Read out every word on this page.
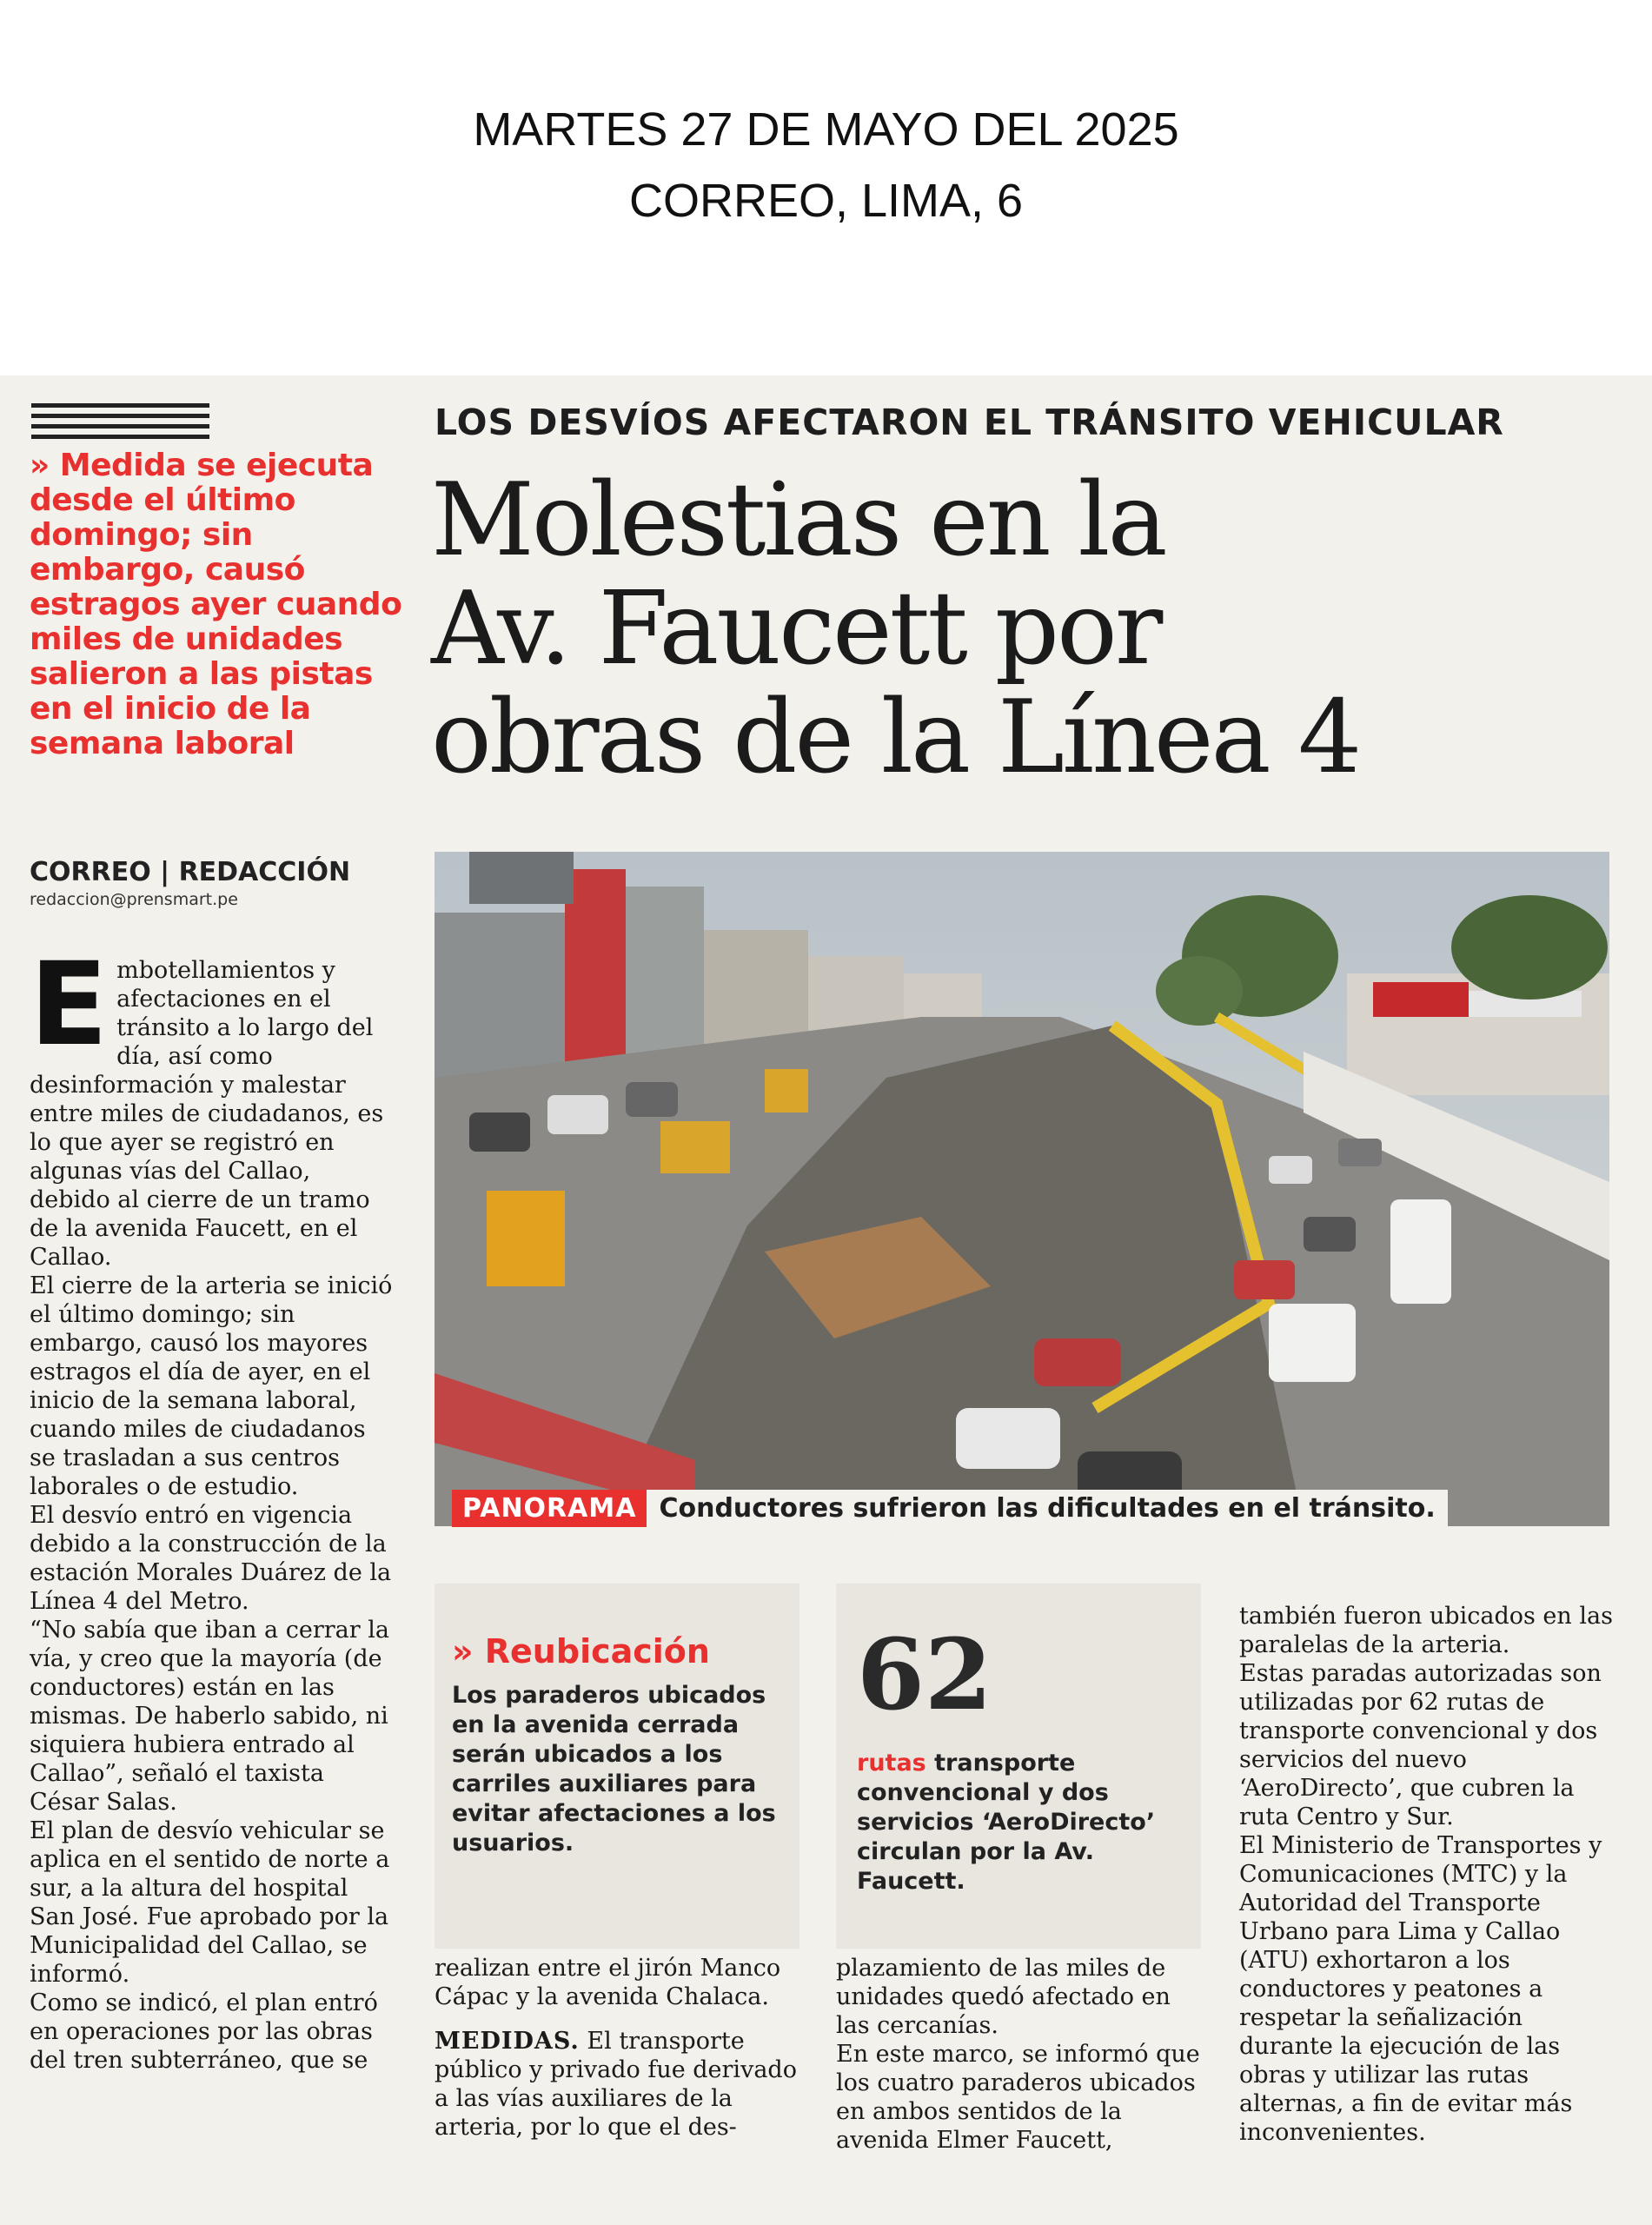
MARTES 27 DE MAYO DEL 2025
CORREO, LIMA, 6

» Medida se ejecuta desde el último domingo; sin embargo, causó estragos ayer cuando miles de unidades salieron a las pistas en el inicio de la semana laboral

CORREO | REDACCIÓN
redaccion@prensmart.pe
E mbotellamientos y afectaciones en el tránsito a lo largo del día, así como desinformación y malestar entre miles de ciudadanos, es lo que ayer se registró en algunas vías del Callao, debido al cierre de un tramo de la avenida Faucett, en el Callao.

El cierre de la arteria se inició el último domingo; sin embargo, causó los mayores estragos el día de ayer, en el inicio de la semana laboral, cuando miles de ciudadanos se trasladan a sus centros laborales o de estudio.

El desvío entró en vigencia debido a la construcción de la estación Morales Duárez de la Línea 4 del Metro.

“No sabía que iban a cerrar la vía, y creo que la mayoría (de conductores) están en las mismas. De haberlo sabido, ni siquiera hubiera entrado al Callao”, señaló el taxista César Salas.

El plan de desvío vehicular se aplica en el sentido de norte a sur, a la altura del hospital San José. Fue aprobado por la Municipalidad del Callao, se informó.

Como se indicó, el plan entró en operaciones por las obras del tren subterráneo, que se

LOS DESVÍOS AFECTARON EL TRÁNSITO VEHICULAR
Molestias en la
Av. Faucett por
obras de la Línea 4
PANORAMA Conductores sufrieron las dificultades en el tránsito.
» Reubicación

Los paraderos ubicados en la avenida cerrada serán ubicados a los carriles auxiliares para evitar afectaciones a los usuarios.

62

rutas transporte convencional y dos servicios ‘AeroDirecto’ circulan por la Av. Faucett.

realizan entre el jirón Manco Cápac y la avenida Chalaca.

MEDIDAS. El transporte público y privado fue derivado a las vías auxiliares de la arteria, por lo que el des-

plazamiento de las miles de unidades quedó afectado en las cercanías.

En este marco, se informó que los cuatro paraderos ubicados en ambos sentidos de la avenida Elmer Faucett,

también fueron ubicados en las paralelas de la arteria.

Estas paradas autorizadas son utilizadas por 62 rutas de transporte convencional y dos servicios del nuevo ‘AeroDirecto’, que cubren la ruta Centro y Sur.

El Ministerio de Transportes y Comunicaciones (MTC) y la Autoridad del Transporte Urbano para Lima y Callao (ATU) exhortaron a los conductores y peatones a respetar la señalización durante la ejecución de las obras y utilizar las rutas alternas, a fin de evitar más inconvenientes.
